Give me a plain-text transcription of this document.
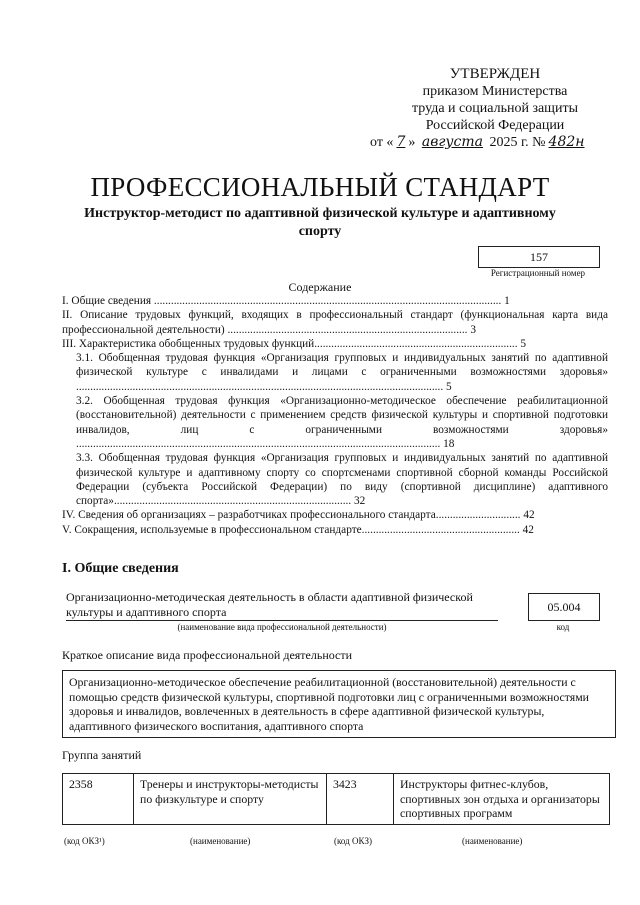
УТВЕРЖДЕН
приказом Министерства
труда и социальной защиты
Российской Федерации
от « 7 » августа 2025 г. № 482н
ПРОФЕССИОНАЛЬНЫЙ СТАНДАРТ
Инструктор-методист по адаптивной физической культуре и адаптивному спорту
157
Регистрационный номер
Содержание

I. Общие сведения ........................................................................................................................... 1

II. Описание трудовых функций, входящих в профессиональный стандарт (функциональная карта вида профессиональной деятельности) ..................................................................................... 3

III. Характеристика обобщенных трудовых функций........................................................................ 5

3.1. Обобщенная трудовая функция «Организация групповых и индивидуальных занятий по адаптивной физической культуре с инвалидами и лицами с ограниченными возможностями здоровья» .................................................................................................................................. 5

3.2. Обобщенная трудовая функция «Организационно-методическое обеспечение реабилитационной (восстановительной) деятельности с применением средств физической культуры и спортивной подготовки инвалидов, лиц с ограниченными возможностями здоровья» ................................................................................................................................. 18

3.3. Обобщенная трудовая функция «Организация групповых и индивидуальных занятий по адаптивной физической культуре и адаптивному спорту со спортсменами спортивной сборной команды Российской Федерации (субъекта Российской Федерации) по виду (спортивной дисциплине) адаптивного спорта».................................................................................... 32

IV. Сведения об организациях – разработчиках профессионального стандарта.............................. 42

V. Сокращения, используемые в профессиональном стандарте........................................................ 42

I. Общие сведения
Организационно-методическая деятельность в области адаптивной физической культуры и адаптивного спорта
(наименование вида профессиональной деятельности)
05.004
код
Краткое описание вида профессиональной деятельности
Организационно-методическое обеспечение реабилитационной (восстановительной) деятельности с помощью средств физической культуры, спортивной подготовки лиц с ограниченными возможностями здоровья и инвалидов, вовлеченных в деятельность в сфере адаптивной физической культуры, адаптивного физического воспитания, адаптивного спорта
Группа занятий
2358	Тренеры и инструкторы-методисты по физкультуре и спорту	3423	Инструкторы фитнес-клубов, спортивных зон отдыха и организаторы спортивных программ
(код ОКЗ¹)	(наименование)	(код ОКЗ)	(наименование)
